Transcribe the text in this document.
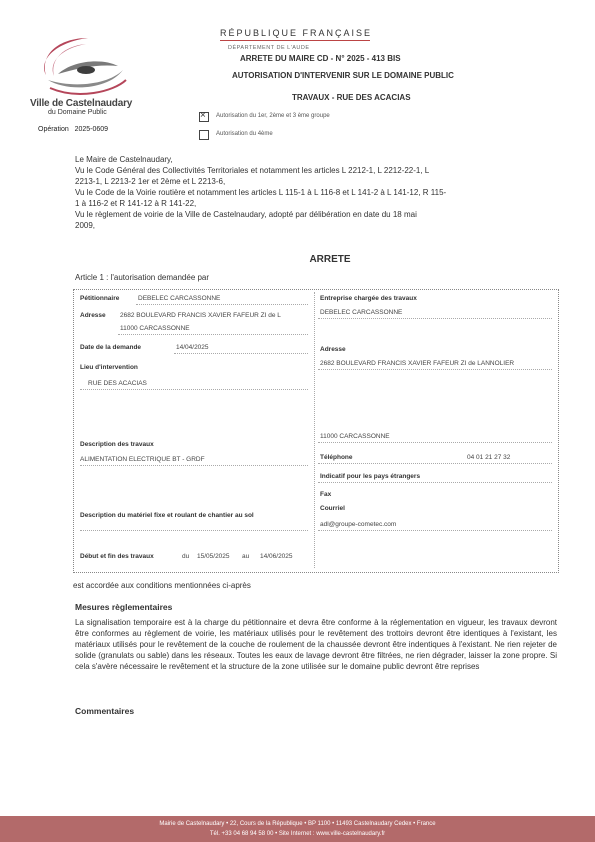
Ville de Castelnaudary
du Domaine Public
Opération 2025-0609
RÉPUBLIQUE FRANÇAISE
DÉPARTEMENT DE L'AUDE
ARRETE DU MAIRE CD - N° 2025 - 413 BIS
AUTORISATION D'INTERVENIR SUR LE DOMAINE PUBLIC
TRAVAUX - RUE DES ACACIAS
×
Autorisation du 1er, 2ème et 3 ème groupe
Autorisation du 4ème
Le Maire de Castelnaudary,
Vu le Code Général des Collectivités Territoriales et notamment les articles L 2212-1, L 2212-22-1, L
2213-1, L 2213-2 1er et 2ème et L 2213-6,
Vu le Code de la Voirie routière et notamment les articles L 115-1 à L 116-8 et L 141-2 à L 141-12, R 115-
1 à 116-2 et R 141-12 à R 141-22,
Vu le règlement de voirie de la Ville de Castelnaudary, adopté par délibération en date du 18 mai
2009,
ARRETE
Article 1 : l'autorisation demandée par
Pétitionnaire	DEBELEC CARCASSONNE
Adresse 2682 BOULEVARD FRANCIS XAVIER FAFEUR ZI de L
11000 CARCASSONNE
Date de la demande	14/04/2025
Lieu d'intervention
RUE DES ACACIAS
Description des travaux
ALIMENTATION ELECTRIQUE BT - GRDF
Description du matériel fixe et roulant de chantier au sol
Début et fin des travaux	du 15/05/2025 au 14/06/2025
Entreprise chargée des travaux
DEBELEC CARCASSONNE
Adresse
2682 BOULEVARD FRANCIS XAVIER FAFEUR ZI de LANNOLIER
11000 CARCASSONNE
Téléphone	04 01 21 27 32
Indicatif pour les pays étrangers
Fax
Courriel
adl@groupe-cometec.com
est accordée aux conditions mentionnées ci-après
Mesures règlementaires
La signalisation temporaire est à la charge du pétitionnaire et devra être conforme à la réglementation en vigueur, les travaux devront être conformes au règlement de voirie, les matériaux utilisés pour le revêtement des trottoirs devront être identiques à l'existant, les matériaux utilisés pour le revêtement de la couche de roulement de la chaussée devront être indentiques à l'existant. Ne rien rejeter de solide (granulats ou sable) dans les réseaux. Toutes les eaux de lavage devront être filtrées, ne rien dégrader, laisser la zone propre. Si cela s'avère nécessaire le revêtement et la structure de la zone utilisée sur le domaine public devront être reprises
Commentaires
Mairie de Castelnaudary • 22, Cours de la République • BP 1100 • 11493 Castelnaudary Cedex • France
Tél. +33 04 68 94 58 00 • Site Internet : www.ville-castelnaudary.fr
